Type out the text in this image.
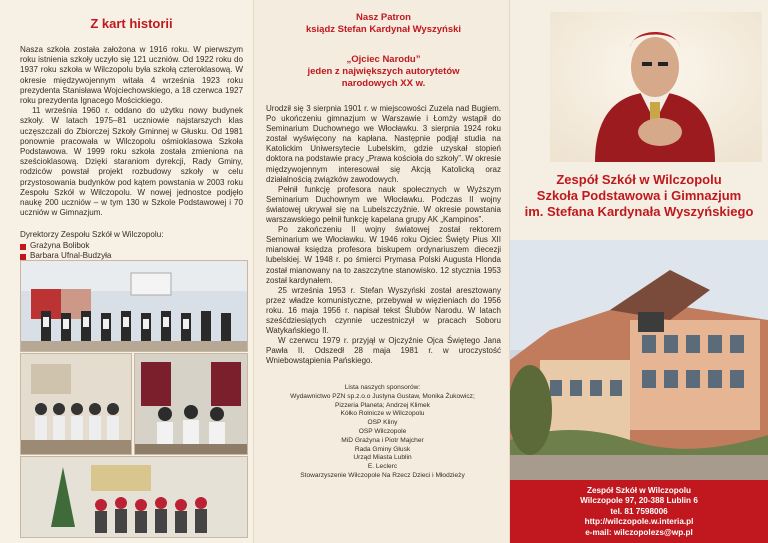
Z kart historii

Nasza szkoła została założona w 1916 roku. W pierwszym roku istnienia szkoły uczyło się 121 uczniów. Od 1922 roku do 1937 roku szkoła w Wilczopolu była szkołą czteroklasową. W okresie międzywojennym witała 4 września 1923 roku prezydenta Stanisława Wojciechowskiego, a 18 czerwca 1927 roku prezydenta Ignacego Mościckiego.

11 września 1960 r. oddano do użytku nowy budynek szkoły. W latach 1975–81 uczniowie najstarszych klas uczęszczali do Zbiorczej Szkoły Gminnej w Głusku. Od 1981 ponownie pracowała w Wilczopolu ośmioklasowa Szkoła Podstawowa. W 1999 roku szkoła została zmieniona na sześcioklasową. Dzięki staraniom dyrekcji, Rady Gminy, rodziców powstał projekt rozbudowy szkoły w celu przystosowania budynków pod kątem powstania w 2003 roku Zespołu Szkół w Wilczopolu. W nowej jednostce podjęło naukę 200 uczniów – w tym 130 w Szkole Podstawowej i 70 uczniów w Gimnazjum.

Dyrektorzy Zespołu Szkół w Wilczopolu:
Grażyna Bolibok
Barbara Ufnal-Budzyła

Nasz Patron
ksiądz Stefan Kardynał Wyszyński

„Ojciec Narodu”
jeden z największych autorytetów
narodowych XX w.

Urodził się 3 sierpnia 1901 r. w miejscowości Zuzela nad Bugiem. Po ukończeniu gimnazjum w Warszawie i Łomży wstąpił do Seminarium Duchownego we Włocławku. 3 sierpnia 1924 roku został wyświęcony na kapłana. Następnie podjął studia na Katolickim Uniwersytecie Lubelskim, gdzie uzyskał stopień doktora na podstawie pracy „Prawa kościoła do szkoły”. W okresie międzywojennym interesował się Akcją Katolicką oraz działalnością związków zawodowych.

Pełnił funkcję profesora nauk społecznych w Wyższym Seminarium Duchownym we Włocławku. Podczas II wojny światowej ukrywał się na Lubelszczyźnie. W okresie powstania warszawskiego pełnił funkcję kapelana grupy AK „Kampinos”.

Po zakończeniu II wojny światowej został rektorem Seminarium we Włocławku. W 1946 roku Ojciec Święty Pius XII mianował księdza profesora biskupem ordynariuszem diecezji lubelskiej. W 1948 r. po śmierci Prymasa Polski Augusta Hlonda został mianowany na to zaszczytne stanowisko. 12 stycznia 1953 został kardynałem.

25 września 1953 r. Stefan Wyszyński został aresztowany przez władze komunistyczne, przebywał w więzieniach do 1956 roku. 16 maja 1956 r. napisał tekst Ślubów Narodu. W latach sześćdziesiątych czynnie uczestniczył w pracach Soboru Watykańskiego II.

W czerwcu 1979 r. przyjął w Ojczyźnie Ojca Świętego Jana Pawła II. Odszedł 28 maja 1981 r. w uroczystość Wniebowstąpienia Pańskiego.

Lista naszych sponsorów:
Wydawnictwo PZN sp.z.o.o Justyna Gustaw, Monika Żukowicz;
Pizzeria Planeta; Andrzej Klimek
Kółko Rolnicze w Wilczopolu
OSP Kliny
OSP Wilczopole
MiD Grażyna i Piotr Majcher
Rada Gminy Głusk
Urząd Miasta Lublin
E. Leclerc
Stowarzyszenie Wilczopole Na Rzecz Dzieci i Młodzieży
Zespół Szkół w Wilczopolu
Szkoła Podstawowa i Gimnazjum
im. Stefana Kardynała Wyszyńskiego
Zespół Szkół w Wilczopolu
Wilczopole 97, 20-388 Lublin 6
tel. 81 7598006
http://wilczopole.w.interia.pl
e-mail: wilczopolezs@wp.pl
